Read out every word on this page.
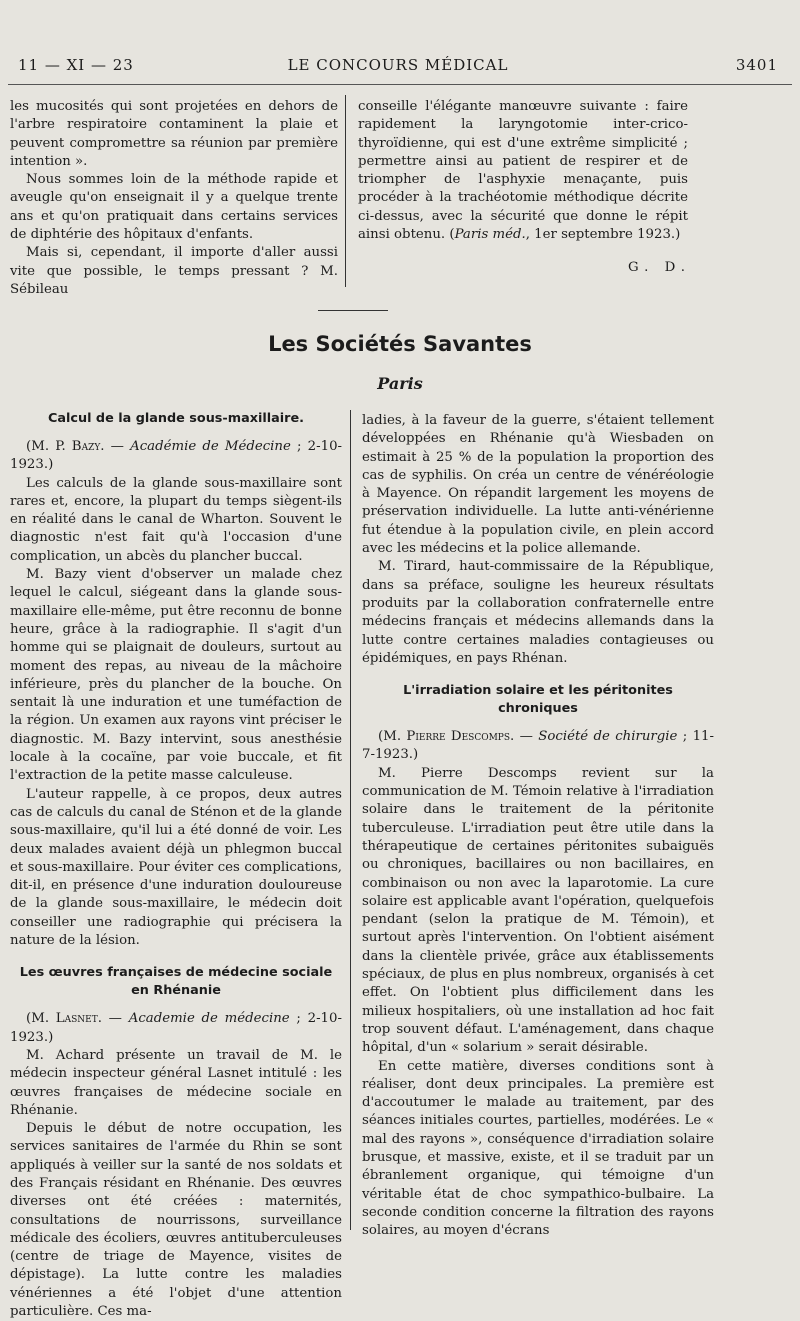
11 — XI — 23	LE CONCOURS MÉDICAL	3401

les mucosités qui sont projetées en dehors de l'arbre respiratoire contaminent la plaie et peuvent compromettre sa réunion par première intention ».

Nous sommes loin de la méthode rapide et aveugle qu'on enseignait il y a quelque trente ans et qu'on pratiquait dans certains services de diphtérie des hôpitaux d'enfants.

Mais si, cependant, il importe d'aller aussi vite que possible, le temps pressant ? M. Sébileau

conseille l'élégante manœuvre suivante : faire rapidement la laryngotomie inter-crico-thyroïdienne, qui est d'une extrême simplicité ; permettre ainsi au patient de respirer et de triompher de l'asphyxie menaçante, puis procéder à la trachéotomie méthodique décrite ci-dessus, avec la sécurité que donne le répit ainsi obtenu. (Paris méd., 1er septembre 1923.)

G. D.
Les Sociétés Savantes
Paris
Calcul de la glande sous-maxillaire.

(M. P. Bazy. — Académie de Médecine ; 2-10-1923.)

Les calculs de la glande sous-maxillaire sont rares et, encore, la plupart du temps siègent-ils en réalité dans le canal de Wharton. Souvent le diagnostic n'est fait qu'à l'occasion d'une complication, un abcès du plancher buccal.

M. Bazy vient d'observer un malade chez lequel le calcul, siégeant dans la glande sous-maxillaire elle-même, put être reconnu de bonne heure, grâce à la radiographie. Il s'agit d'un homme qui se plaignait de douleurs, surtout au moment des repas, au niveau de la mâchoire inférieure, près du plancher de la bouche. On sentait là une induration et une tuméfaction de la région. Un examen aux rayons vint préciser le diagnostic. M. Bazy intervint, sous anesthésie locale à la cocaïne, par voie buccale, et fit l'extraction de la petite masse calculeuse.

L'auteur rappelle, à ce propos, deux autres cas de calculs du canal de Sténon et de la glande sous-maxillaire, qu'il lui a été donné de voir. Les deux malades avaient déjà un phlegmon buccal et sous-maxillaire. Pour éviter ces complications, dit-il, en présence d'une induration douloureuse de la glande sous-maxillaire, le médecin doit conseiller une radiographie qui précisera la nature de la lésion.

Les œuvres françaises de médecine sociale en Rhénanie

(M. Lasnet. — Academie de médecine ; 2-10-1923.)

M. Achard présente un travail de M. le médecin inspecteur général Lasnet intitulé : les œuvres françaises de médecine sociale en Rhénanie.

Depuis le début de notre occupation, les services sanitaires de l'armée du Rhin se sont appliqués à veiller sur la santé de nos soldats et des Français résidant en Rhénanie. Des œuvres diverses ont été créées : maternités, consultations de nourrissons, surveillance médicale des écoliers, œuvres antituberculeuses (centre de triage de Mayence, visites de dépistage). La lutte contre les maladies vénériennes a été l'objet d'une attention particulière. Ces ma-

ladies, à la faveur de la guerre, s'étaient tellement développées en Rhénanie qu'à Wiesbaden on estimait à 25 % de la population la proportion des cas de syphilis. On créa un centre de vénéréologie à Mayence. On répandit largement les moyens de préservation individuelle. La lutte anti-vénérienne fut étendue à la population civile, en plein accord avec les médecins et la police allemande.

M. Tirard, haut-commissaire de la République, dans sa préface, souligne les heureux résultats produits par la collaboration confraternelle entre médecins français et médecins allemands dans la lutte contre certaines maladies contagieuses ou épidémiques, en pays Rhénan.

L'irradiation solaire et les péritonites chroniques

(M. Pierre Descomps. — Société de chirurgie ; 11-7-1923.)

M. Pierre Descomps revient sur la communication de M. Témoin relative à l'irradiation solaire dans le traitement de la péritonite tuberculeuse. L'irradiation peut être utile dans la thérapeutique de certaines péritonites subaiguës ou chroniques, bacillaires ou non bacillaires, en combinaison ou non avec la laparotomie. La cure solaire est applicable avant l'opération, quelquefois pendant (selon la pratique de M. Témoin), et surtout après l'intervention. On l'obtient aisément dans la clientèle privée, grâce aux établissements spéciaux, de plus en plus nombreux, organisés à cet effet. On l'obtient plus difficilement dans les milieux hospitaliers, où une installation ad hoc fait trop souvent défaut. L'aménagement, dans chaque hôpital, d'un « solarium » serait désirable.

En cette matière, diverses conditions sont à réaliser, dont deux principales. La première est d'accoutumer le malade au traitement, par des séances initiales courtes, partielles, modérées. Le « mal des rayons », conséquence d'irradiation solaire brusque, et massive, existe, et il se traduit par un ébranlement organique, qui témoigne d'un véritable état de choc sympathico-bulbaire. La seconde condition concerne la filtration des rayons solaires, au moyen d'écrans
